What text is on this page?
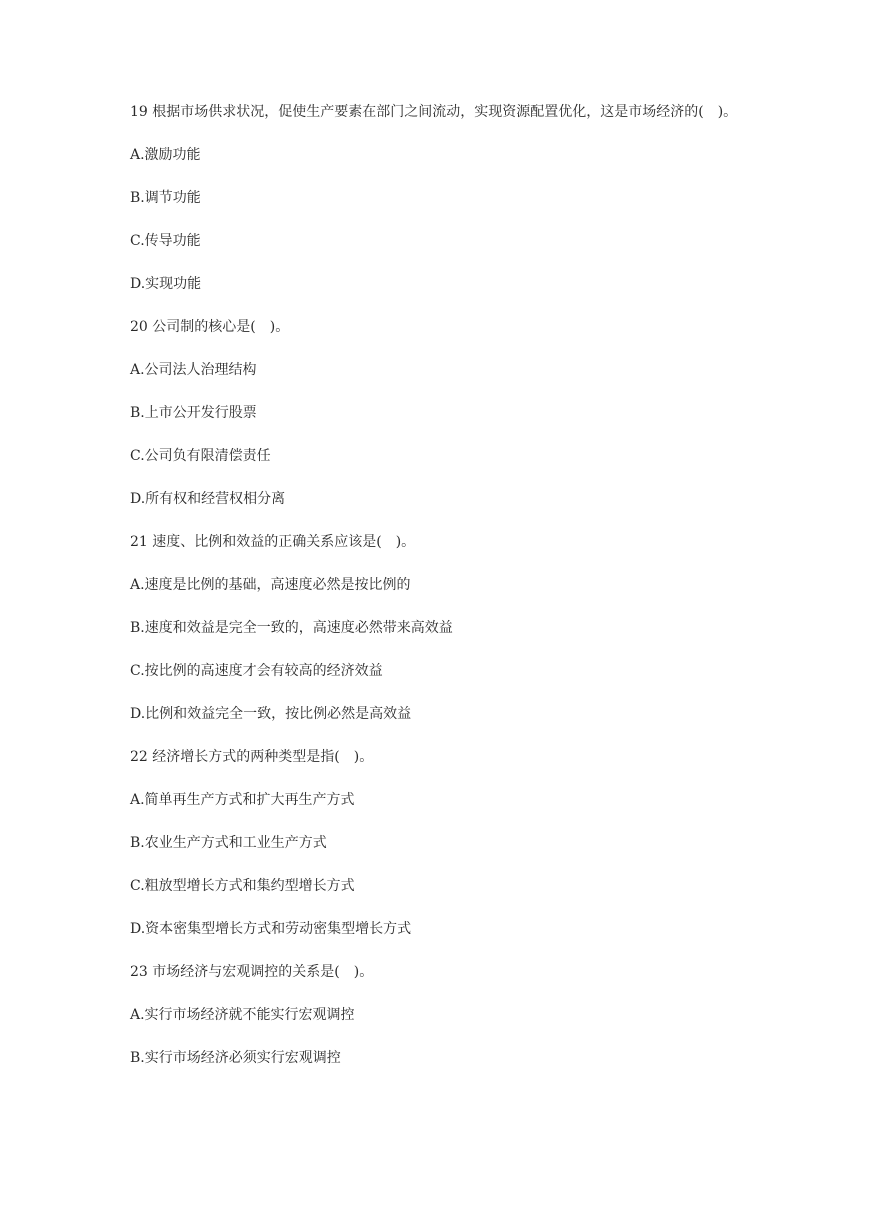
19 根据市场供求状况，促使生产要素在部门之间流动，实现资源配置优化，这是市场经济的(　)。

A.激励功能

B.调节功能

C.传导功能

D.实现功能

20 公司制的核心是(　)。

A.公司法人治理结构

B.上市公开发行股票

C.公司负有限清偿责任

D.所有权和经营权相分离

21 速度、比例和效益的正确关系应该是(　)。

A.速度是比例的基础，高速度必然是按比例的

B.速度和效益是完全一致的，高速度必然带来高效益

C.按比例的高速度才会有较高的经济效益

D.比例和效益完全一致，按比例必然是高效益

22 经济增长方式的两种类型是指(　)。

A.简单再生产方式和扩大再生产方式

B.农业生产方式和工业生产方式

C.粗放型增长方式和集约型增长方式

D.资本密集型增长方式和劳动密集型增长方式

23 市场经济与宏观调控的关系是(　)。

A.实行市场经济就不能实行宏观调控

B.实行市场经济必须实行宏观调控
